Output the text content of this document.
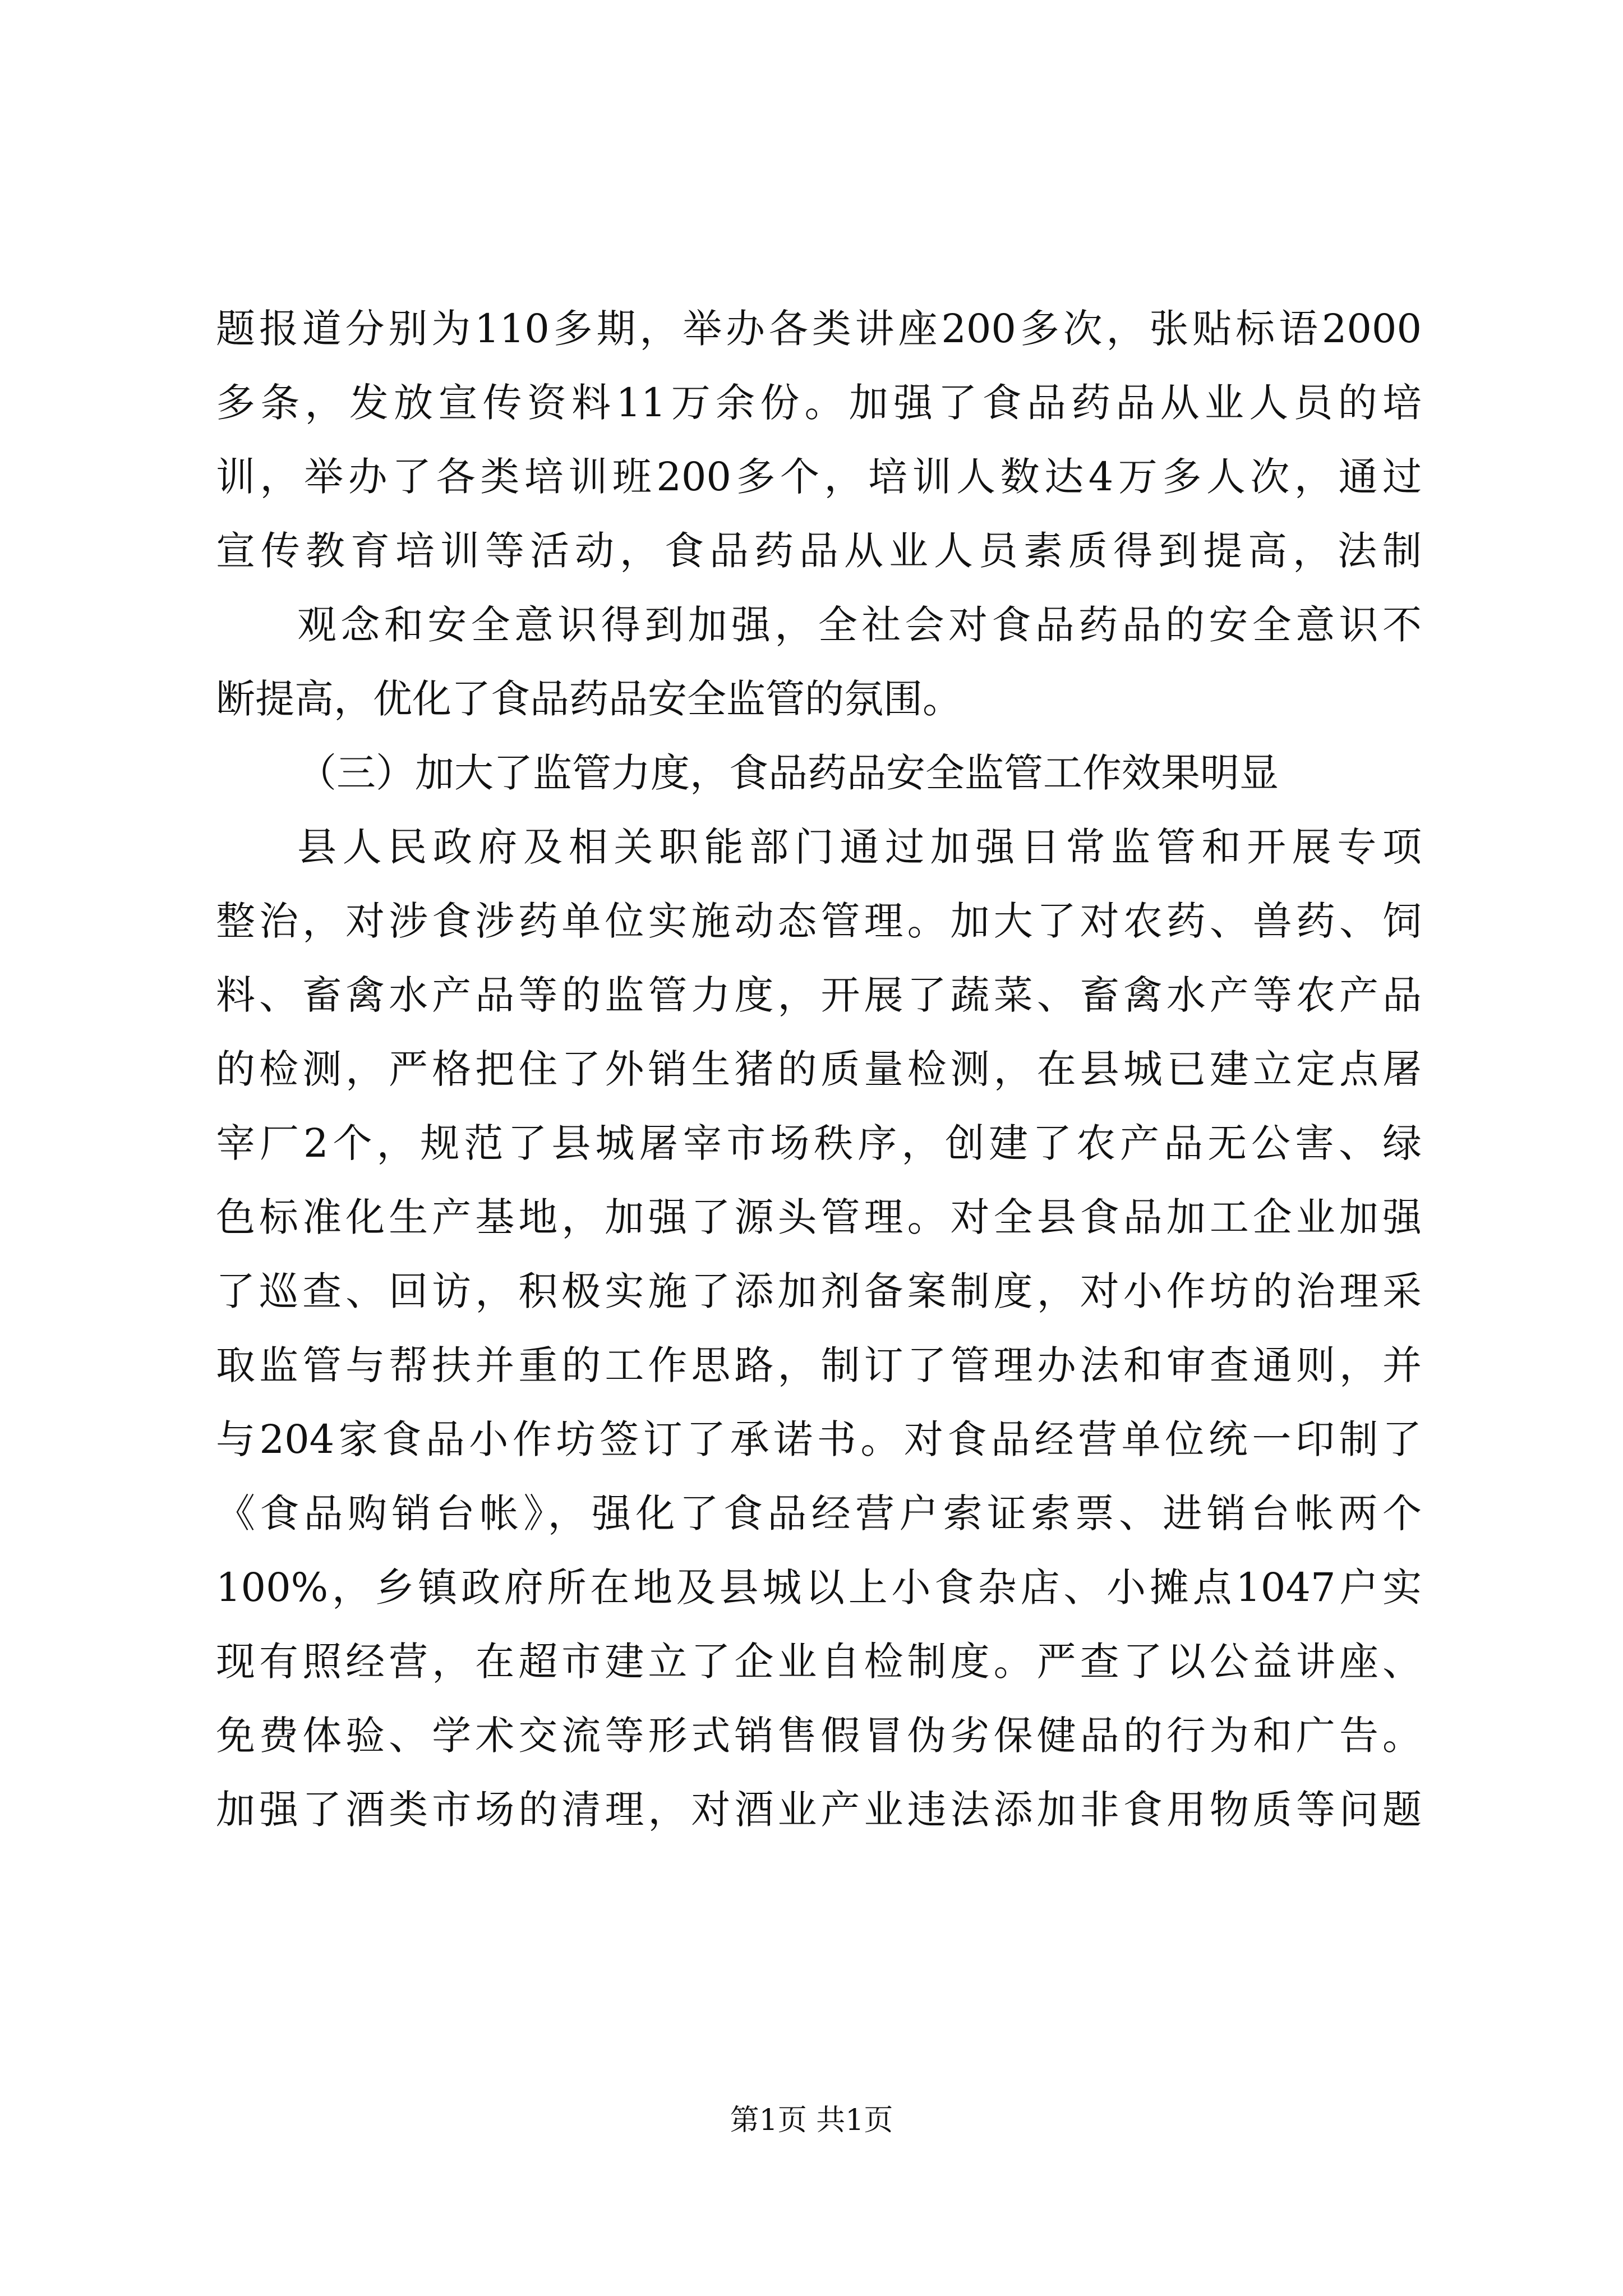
题报道分别为110多期，举办各类讲座200多次，张贴标语2000
多条，发放宣传资料11万余份。加强了食品药品从业人员的培
训，举办了各类培训班200多个，培训人数达4万多人次，通过
宣传教育培训等活动，食品药品从业人员素质得到提高，法制
观念和安全意识得到加强，全社会对食品药品的安全意识不
断提高，优化了食品药品安全监管的氛围。
（三）加大了监管力度，食品药品安全监管工作效果明显
县人民政府及相关职能部门通过加强日常监管和开展专项
整治，对涉食涉药单位实施动态管理。加大了对农药、兽药、饲
料、畜禽水产品等的监管力度，开展了蔬菜、畜禽水产等农产品
的检测，严格把住了外销生猪的质量检测，在县城已建立定点屠
宰厂2个，规范了县城屠宰市场秩序，创建了农产品无公害、绿
色标准化生产基地，加强了源头管理。对全县食品加工企业加强
了巡查、回访，积极实施了添加剂备案制度，对小作坊的治理采
取监管与帮扶并重的工作思路，制订了管理办法和审查通则，并
与204家食品小作坊签订了承诺书。对食品经营单位统一印制了
《食品购销台帐》，强化了食品经营户索证索票、进销台帐两个
100%，乡镇政府所在地及县城以上小食杂店、小摊点1047户实
现有照经营，在超市建立了企业自检制度。严查了以公益讲座、
免费体验、学术交流等形式销售假冒伪劣保健品的行为和广告。
加强了酒类市场的清理，对酒业产业违法添加非食用物质等问题
第1页 共1页
